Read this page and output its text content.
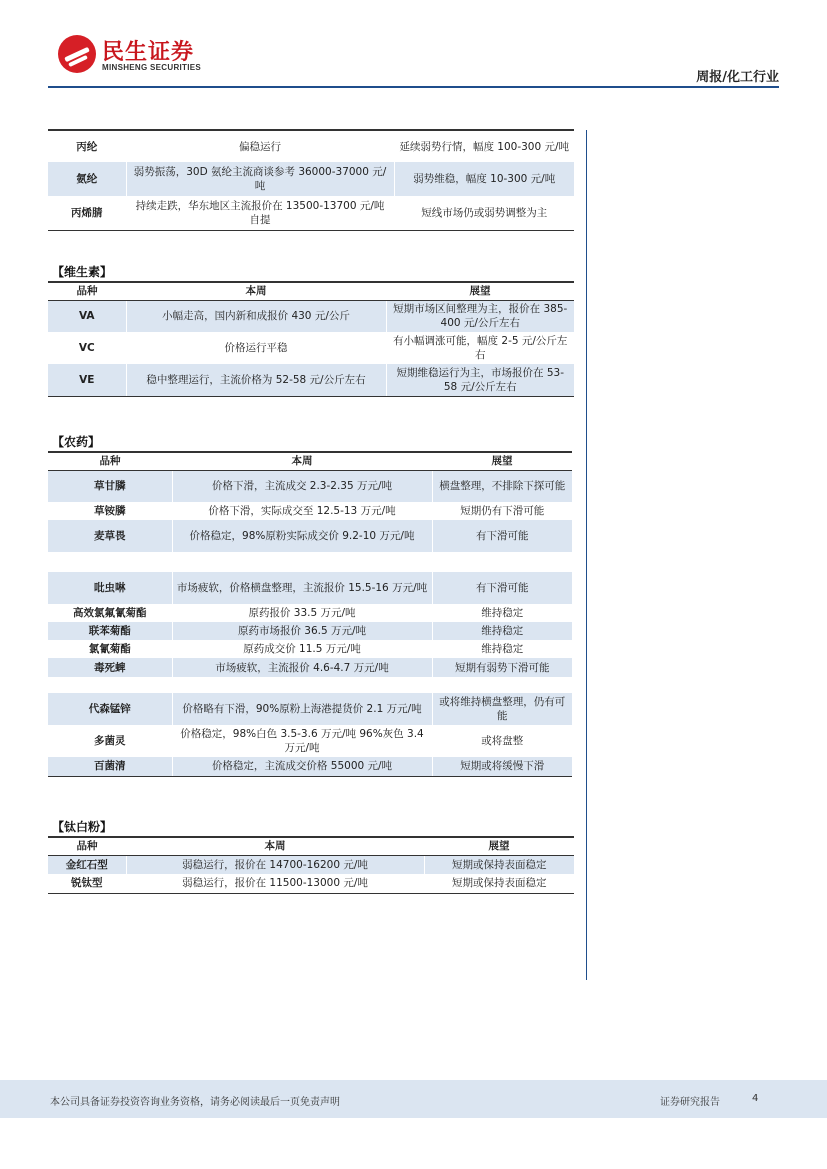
民生证券
MINSHENG SECURITIES
周报/化工行业
丙纶	偏稳运行	延续弱势行情，幅度 100-300 元/吨
氨纶	弱势振荡，30D 氨纶主流商谈参考 36000-37000 元/吨	弱势维稳，幅度 10-300 元/吨
丙烯腈	持续走跌，华东地区主流报价在 13500-13700 元/吨自提	短线市场仍或弱势调整为主
【维生素】
品种	本周	展望
VA	小幅走高，国内新和成报价 430 元/公斤	短期市场区间整理为主，报价在 385-400 元/公斤左右
VC	价格运行平稳	有小幅调涨可能，幅度 2-5 元/公斤左右
VE	稳中整理运行，主流价格为 52-58 元/公斤左右	短期维稳运行为主，市场报价在 53-58 元/公斤左右
【农药】
品种	本周	展望
草甘膦	价格下滑，主流成交 2.3-2.35 万元/吨	横盘整理，不排除下探可能
草铵膦	价格下滑，实际成交至 12.5-13 万元/吨	短期仍有下滑可能
麦草畏	价格稳定，98%原粉实际成交价 9.2-10 万元/吨	有下滑可能

吡虫啉	市场疲软，价格横盘整理，主流报价 15.5-16 万元/吨	有下滑可能
高效氯氟氰菊酯	原药报价 33.5 万元/吨	维持稳定
联苯菊酯	原药市场报价 36.5 万元/吨	维持稳定
氯氰菊酯	原药成交价 11.5 万元/吨	维持稳定
毒死蜱	市场疲软，主流报价 4.6-4.7 万元/吨	短期有弱势下滑可能

代森锰锌	价格略有下滑，90%原粉上海港提货价 2.1 万元/吨	或将维持横盘整理，仍有可能
多菌灵	价格稳定，98%白色 3.5-3.6 万元/吨 96%灰色 3.4 万元/吨	或将盘整
百菌清	价格稳定，主流成交价格 55000 元/吨	短期或将缓慢下滑
【钛白粉】
品种	本周	展望
金红石型	弱稳运行，报价在 14700-16200 元/吨	短期或保持表面稳定
锐钛型	弱稳运行，报价在 11500-13000 元/吨	短期或保持表面稳定
本公司具备证券投资咨询业务资格，请务必阅读最后一页免责声明	证券研究报告	4
